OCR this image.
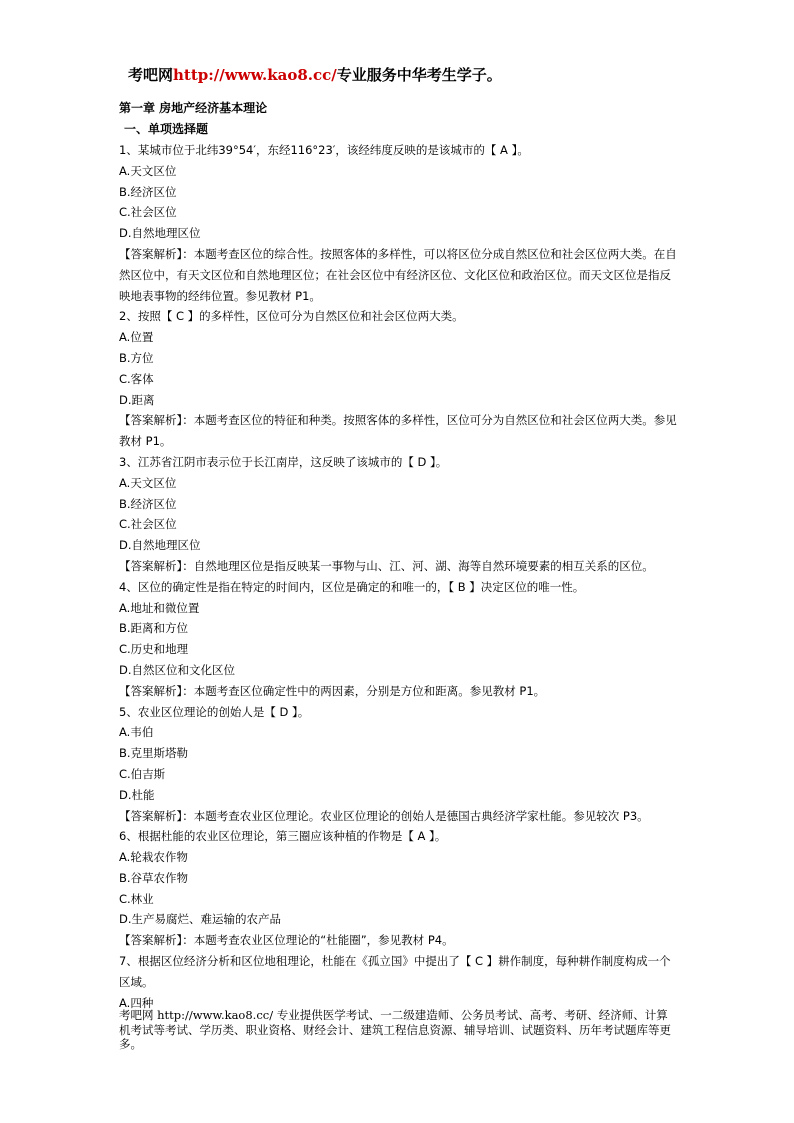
考吧网http://www.kao8.cc/专业服务中华考生学子。
第一章 房地产经济基本理论
一、单项选择题
1、某城市位于北纬39°54′，东经116°23′，该经纬度反映的是该城市的【 A 】。
A.天文区位
B.经济区位
C.社会区位
D.自然地理区位
【答案解析】：本题考查区位的综合性。按照客体的多样性，可以将区位分成自然区位和社会区位两大类。在自然区位中，有天文区位和自然地理区位；在社会区位中有经济区位、文化区位和政治区位。而天文区位是指反映地表事物的经纬位置。参见教材 P1。
2、按照【 C 】的多样性，区位可分为自然区位和社会区位两大类。
A.位置
B.方位
C.客体
D.距离
【答案解析】：本题考查区位的特征和种类。按照客体的多样性，区位可分为自然区位和社会区位两大类。参见教材 P1。
3、江苏省江阴市表示位于长江南岸，这反映了该城市的【 D 】。
A.天文区位
B.经济区位
C.社会区位
D.自然地理区位
【答案解析】：自然地理区位是指反映某一事物与山、江、河、湖、海等自然环境要素的相互关系的区位。
4、区位的确定性是指在特定的时间内，区位是确定的和唯一的，【 B 】决定区位的唯一性。
A.地址和微位置
B.距离和方位
C.历史和地理
D.自然区位和文化区位
【答案解析】：本题考查区位确定性中的两因素，分别是方位和距离。参见教材 P1。
5、农业区位理论的创始人是【 D 】。
A.韦伯
B.克里斯塔勒
C.伯吉斯
D.杜能
【答案解析】：本题考查农业区位理论。农业区位理论的创始人是德国古典经济学家杜能。参见较次 P3。
6、根据杜能的农业区位理论，第三圈应该种植的作物是【 A 】。
A.轮栽农作物
B.谷草农作物
C.林业
D.生产易腐烂、难运输的农产品
【答案解析】：本题考查农业区位理论的“杜能圈”，参见教材 P4。
7、根据区位经济分析和区位地租理论，杜能在《孤立国》中提出了【 C 】耕作制度，每种耕作制度构成一个区域。
A.四种
考吧网 http://www.kao8.cc/ 专业提供医学考试、一二级建造师、公务员考试、高考、考研、经济师、计算机考试等考试、学历类、职业资格、财经会计、建筑工程信息资源、辅导培训、试题资料、历年考试题库等更多。
